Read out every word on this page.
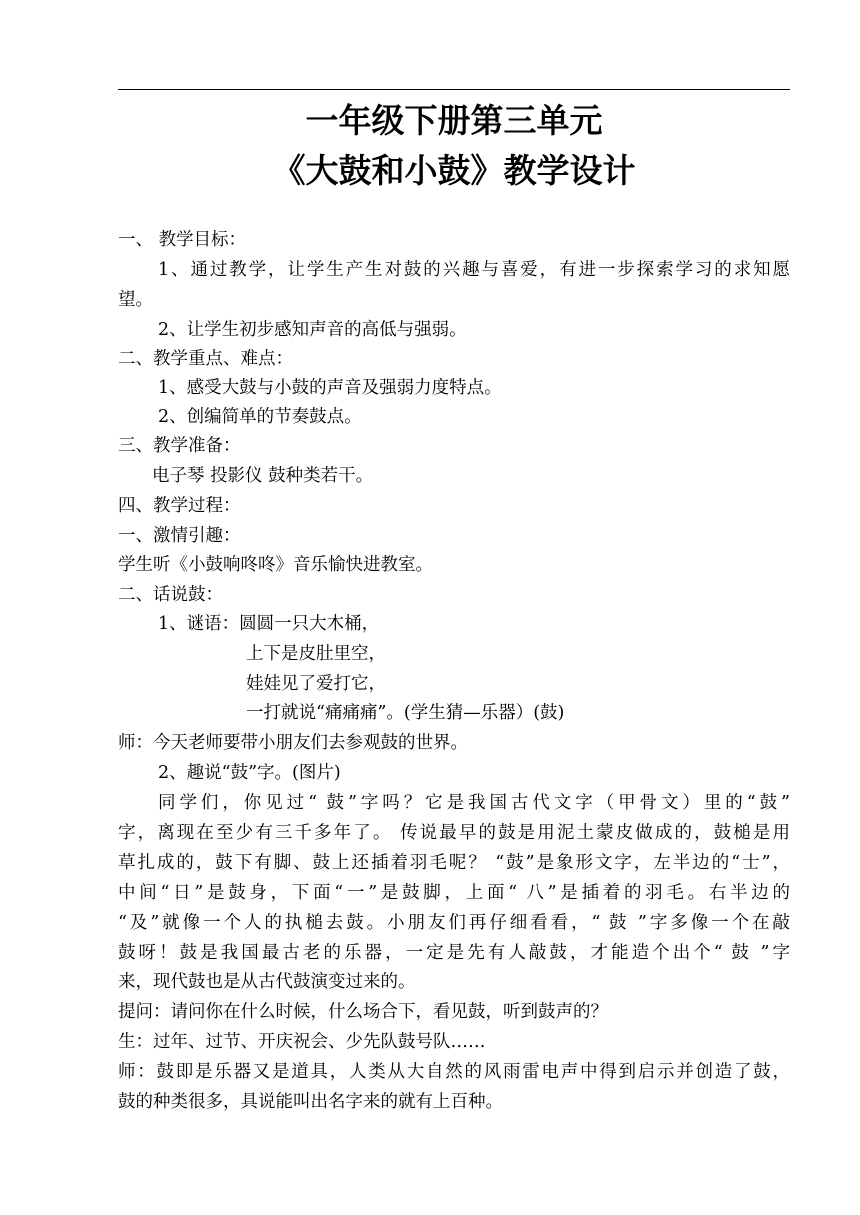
一年级下册第三单元
《大鼓和小鼓》教学设计
一、 教学目标：
1、通过教学，让学生产生对鼓的兴趣与喜爱，有进一步探索学习的求知愿
望。
2、让学生初步感知声音的高低与强弱。
二、教学重点、难点：
1、感受大鼓与小鼓的声音及强弱力度特点。
2、创编简单的节奏鼓点。
三、教学准备：
电子琴 投影仪 鼓种类若干。
四、教学过程：
一、激情引趣：
学生听《小鼓响咚咚》音乐愉快进教室。
二、话说鼓：
1、谜语：圆圆一只大木桶，
上下是皮肚里空，
娃娃见了爱打它，
一打就说“痛痛痛”。(学生猜—乐器）(鼓)
师：今天老师要带小朋友们去参观鼓的世界。
2、趣说“鼓”字。(图片)
同学们，你见过“ 鼓”字吗？它是我国古代文字（甲骨文）里的“鼓”
字，离现在至少有三千多年了。 传说最早的鼓是用泥土蒙皮做成的，鼓槌是用
草扎成的，鼓下有脚、鼓上还插着羽毛呢？ “鼓”是象形文字，左半边的“士”，
中间“日”是鼓身，下面“一”是鼓脚，上面“ 八”是插着的羽毛。右半边的
“及”就像一个人的执槌去鼓。小朋友们再仔细看看，“ 鼓 ”字多像一个在敲
鼓呀！鼓是我国最古老的乐器，一定是先有人敲鼓，才能造个出个“ 鼓 ”字
来，现代鼓也是从古代鼓演变过来的。
提问：请问你在什么时候，什么场合下，看见鼓，听到鼓声的？
生：过年、过节、开庆祝会、少先队鼓号队……
师：鼓即是乐器又是道具，人类从大自然的风雨雷电声中得到启示并创造了鼓，
鼓的种类很多，具说能叫出名字来的就有上百种。
